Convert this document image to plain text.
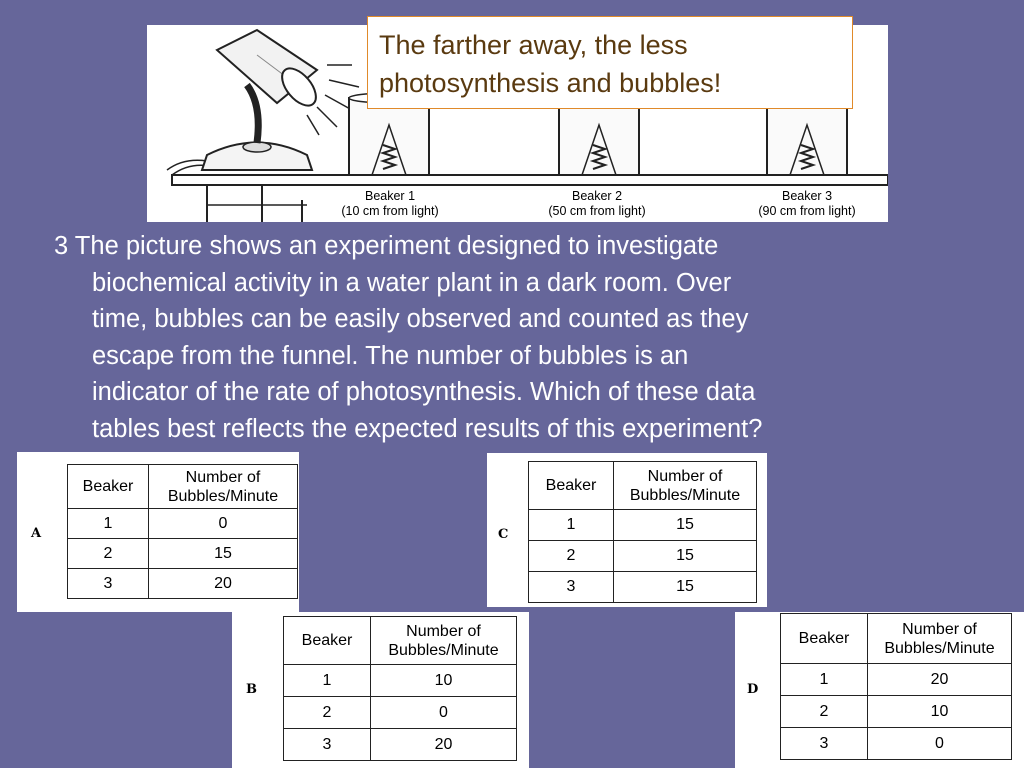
Beaker 1
(10 cm from light)
Beaker 2
(50 cm from light)
Beaker 3
(90 cm from light)
The farther away, the less
photosynthesis and bubbles!
3 The picture shows an experiment designed to investigate
biochemical activity in a water plant in a dark room. Over
time, bubbles can be easily observed and counted as they
escape from the funnel. The number of bubbles is an
indicator of the rate of photosynthesis. Which of these data
tables best reflects the expected results of this experiment?
A
Beaker	Number of
Bubbles/Minute
1	0
2	15
3	20
C
Beaker	Number of
Bubbles/Minute
1	15
2	15
3	15
B
Beaker	Number of
Bubbles/Minute
1	10
2	0
3	20
D
Beaker	Number of
Bubbles/Minute
1	20
2	10
3	0
